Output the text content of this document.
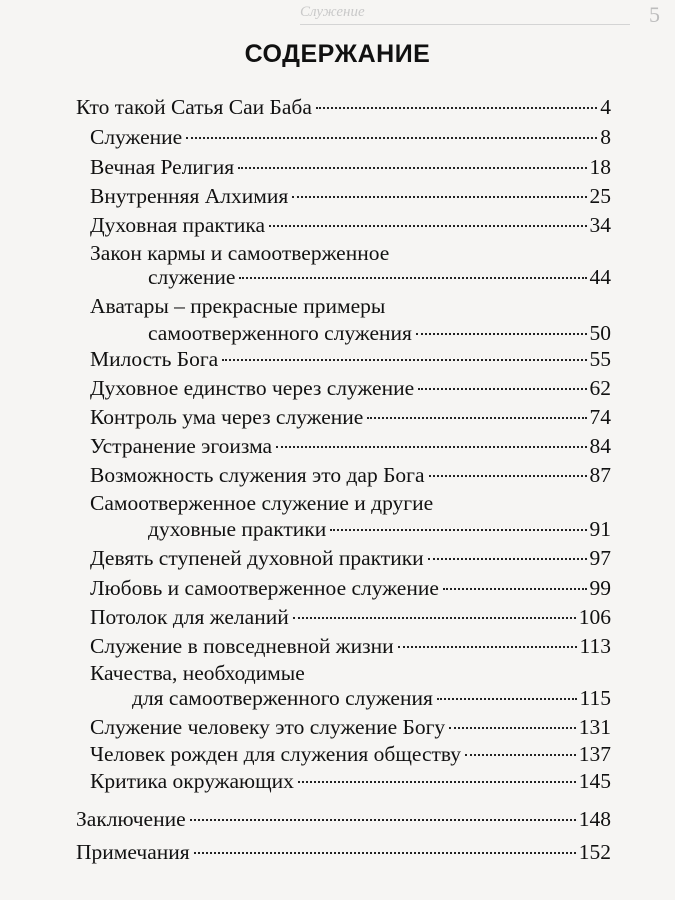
Служение	5
СОДЕРЖАНИЕ
Кто такой Сатья Саи Баба	4
Служение	8
Вечная Религия	18
Внутренняя Алхимия	25
Духовная практика	34
Закон кармы и самоотверженное
служение	44
Аватары – прекрасные примеры
самоотверженного служения	50
Милость Бога	55
Духовное единство через служение	62
Контроль ума через служение	74
Устранение эгоизма	84
Возможность служения это дар Бога	87
Самоотверженное служение и другие
духовные практики	91
Девять ступеней духовной практики	97
Любовь и самоотверженное служение	99
Потолок для желаний	106
Служение в повседневной жизни	113
Качества, необходимые
для самоотверженного служения	115
Служение человеку это служение Богу	131
Человек рожден для служения обществу	137
Критика окружающих	145
Заключение	148
Примечания	152
